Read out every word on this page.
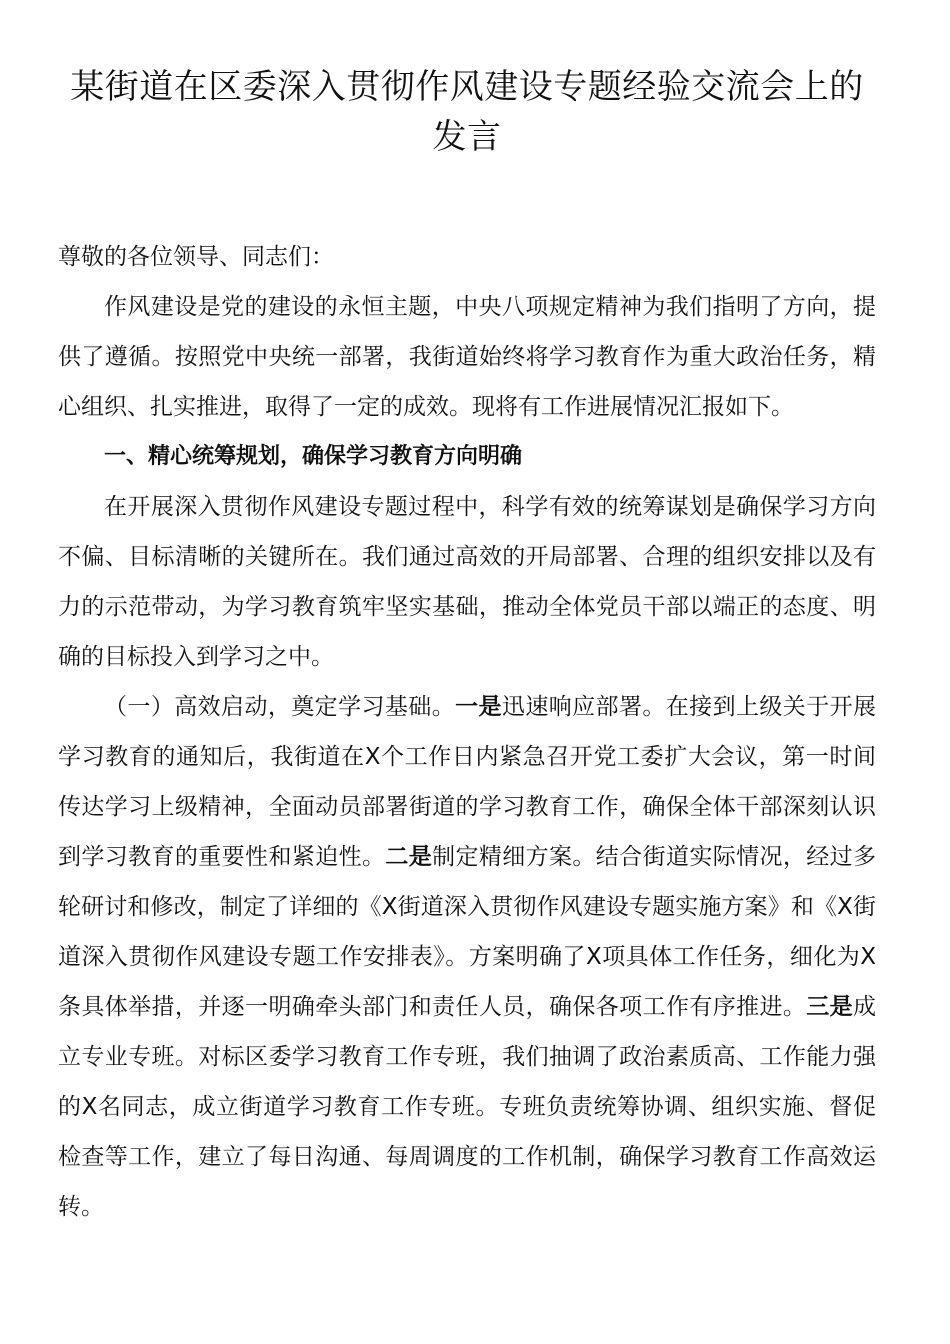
某街道在区委深入贯彻作风建设专题经验交流会上的发言

尊敬的各位领导、同志们：

作风建设是党的建设的永恒主题，中央八项规定精神为我们指明了方向，提供了遵循。按照党中央统一部署，我街道始终将学习教育作为重大政治任务，精心组织、扎实推进，取得了一定的成效。现将有工作进展情况汇报如下。

一、精心统筹规划，确保学习教育方向明确

在开展深入贯彻作风建设专题过程中，科学有效的统筹谋划是确保学习方向不偏、目标清晰的关键所在。我们通过高效的开局部署、合理的组织安排以及有力的示范带动，为学习教育筑牢坚实基础，推动全体党员干部以端正的态度、明确的目标投入到学习之中。

（一）高效启动，奠定学习基础。一是迅速响应部署。在接到上级关于开展学习教育的通知后，我街道在X个工作日内紧急召开党工委扩大会议，第一时间传达学习上级精神，全面动员部署街道的学习教育工作，确保全体干部深刻认识到学习教育的重要性和紧迫性。二是制定精细方案。结合街道实际情况，经过多轮研讨和修改，制定了详细的《X街道深入贯彻作风建设专题实施方案》和《X街道深入贯彻作风建设专题工作安排表》。方案明确了X项具体工作任务，细化为X条具体举措，并逐一明确牵头部门和责任人员，确保各项工作有序推进。三是成立专业专班。对标区委学习教育工作专班，我们抽调了政治素质高、工作能力强的X名同志，成立街道学习教育工作专班。专班负责统筹协调、组织实施、督促检查等工作，建立了每日沟通、每周调度的工作机制，确保学习教育工作高效运转。
